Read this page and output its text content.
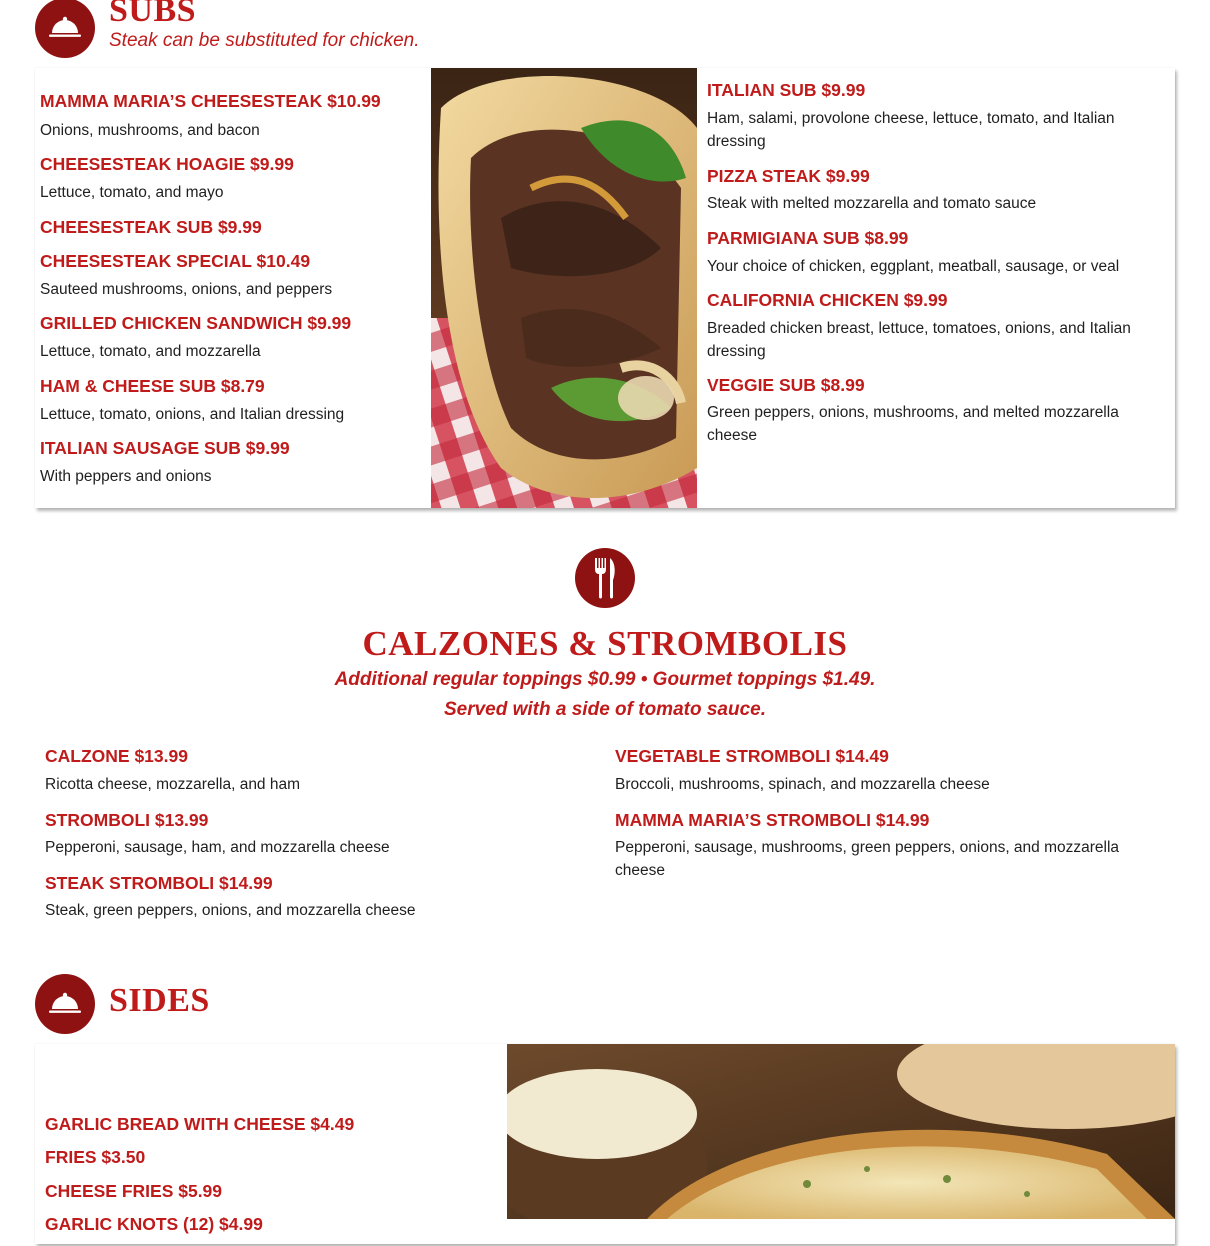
SUBS
Steak can be substituted for chicken.
MAMMA MARIA’S CHEESESTEAK $10.99
Onions, mushrooms, and bacon
CHEESESTEAK HOAGIE $9.99
Lettuce, tomato, and mayo
CHEESESTEAK SUB $9.99
CHEESESTEAK SPECIAL $10.49
Sauteed mushrooms, onions, and peppers
GRILLED CHICKEN SANDWICH $9.99
Lettuce, tomato, and mozzarella
HAM & CHEESE SUB $8.79
Lettuce, tomato, onions, and Italian dressing
ITALIAN SAUSAGE SUB $9.99
With peppers and onions
ITALIAN SUB $9.99
Ham, salami, provolone cheese, lettuce, tomato, and Italian dressing
PIZZA STEAK $9.99
Steak with melted mozzarella and tomato sauce
PARMIGIANA SUB $8.99
Your choice of chicken, eggplant, meatball, sausage, or veal
CALIFORNIA CHICKEN $9.99
Breaded chicken breast, lettuce, tomatoes, onions, and Italian dressing
VEGGIE SUB $8.99
Green peppers, onions, mushrooms, and melted mozzarella cheese
CALZONES & STROMBOLIS
Additional regular toppings $0.99 • Gourmet toppings $1.49.
Served with a side of tomato sauce.
CALZONE $13.99
Ricotta cheese, mozzarella, and ham
STROMBOLI $13.99
Pepperoni, sausage, ham, and mozzarella cheese
STEAK STROMBOLI $14.99
Steak, green peppers, onions, and mozzarella cheese
VEGETABLE STROMBOLI $14.49
Broccoli, mushrooms, spinach, and mozzarella cheese
MAMMA MARIA’S STROMBOLI $14.99
Pepperoni, sausage, mushrooms, green peppers, onions, and mozzarella cheese
SIDES
GARLIC BREAD WITH CHEESE $4.49
FRIES $3.50
CHEESE FRIES $5.99
GARLIC KNOTS (12) $4.99
